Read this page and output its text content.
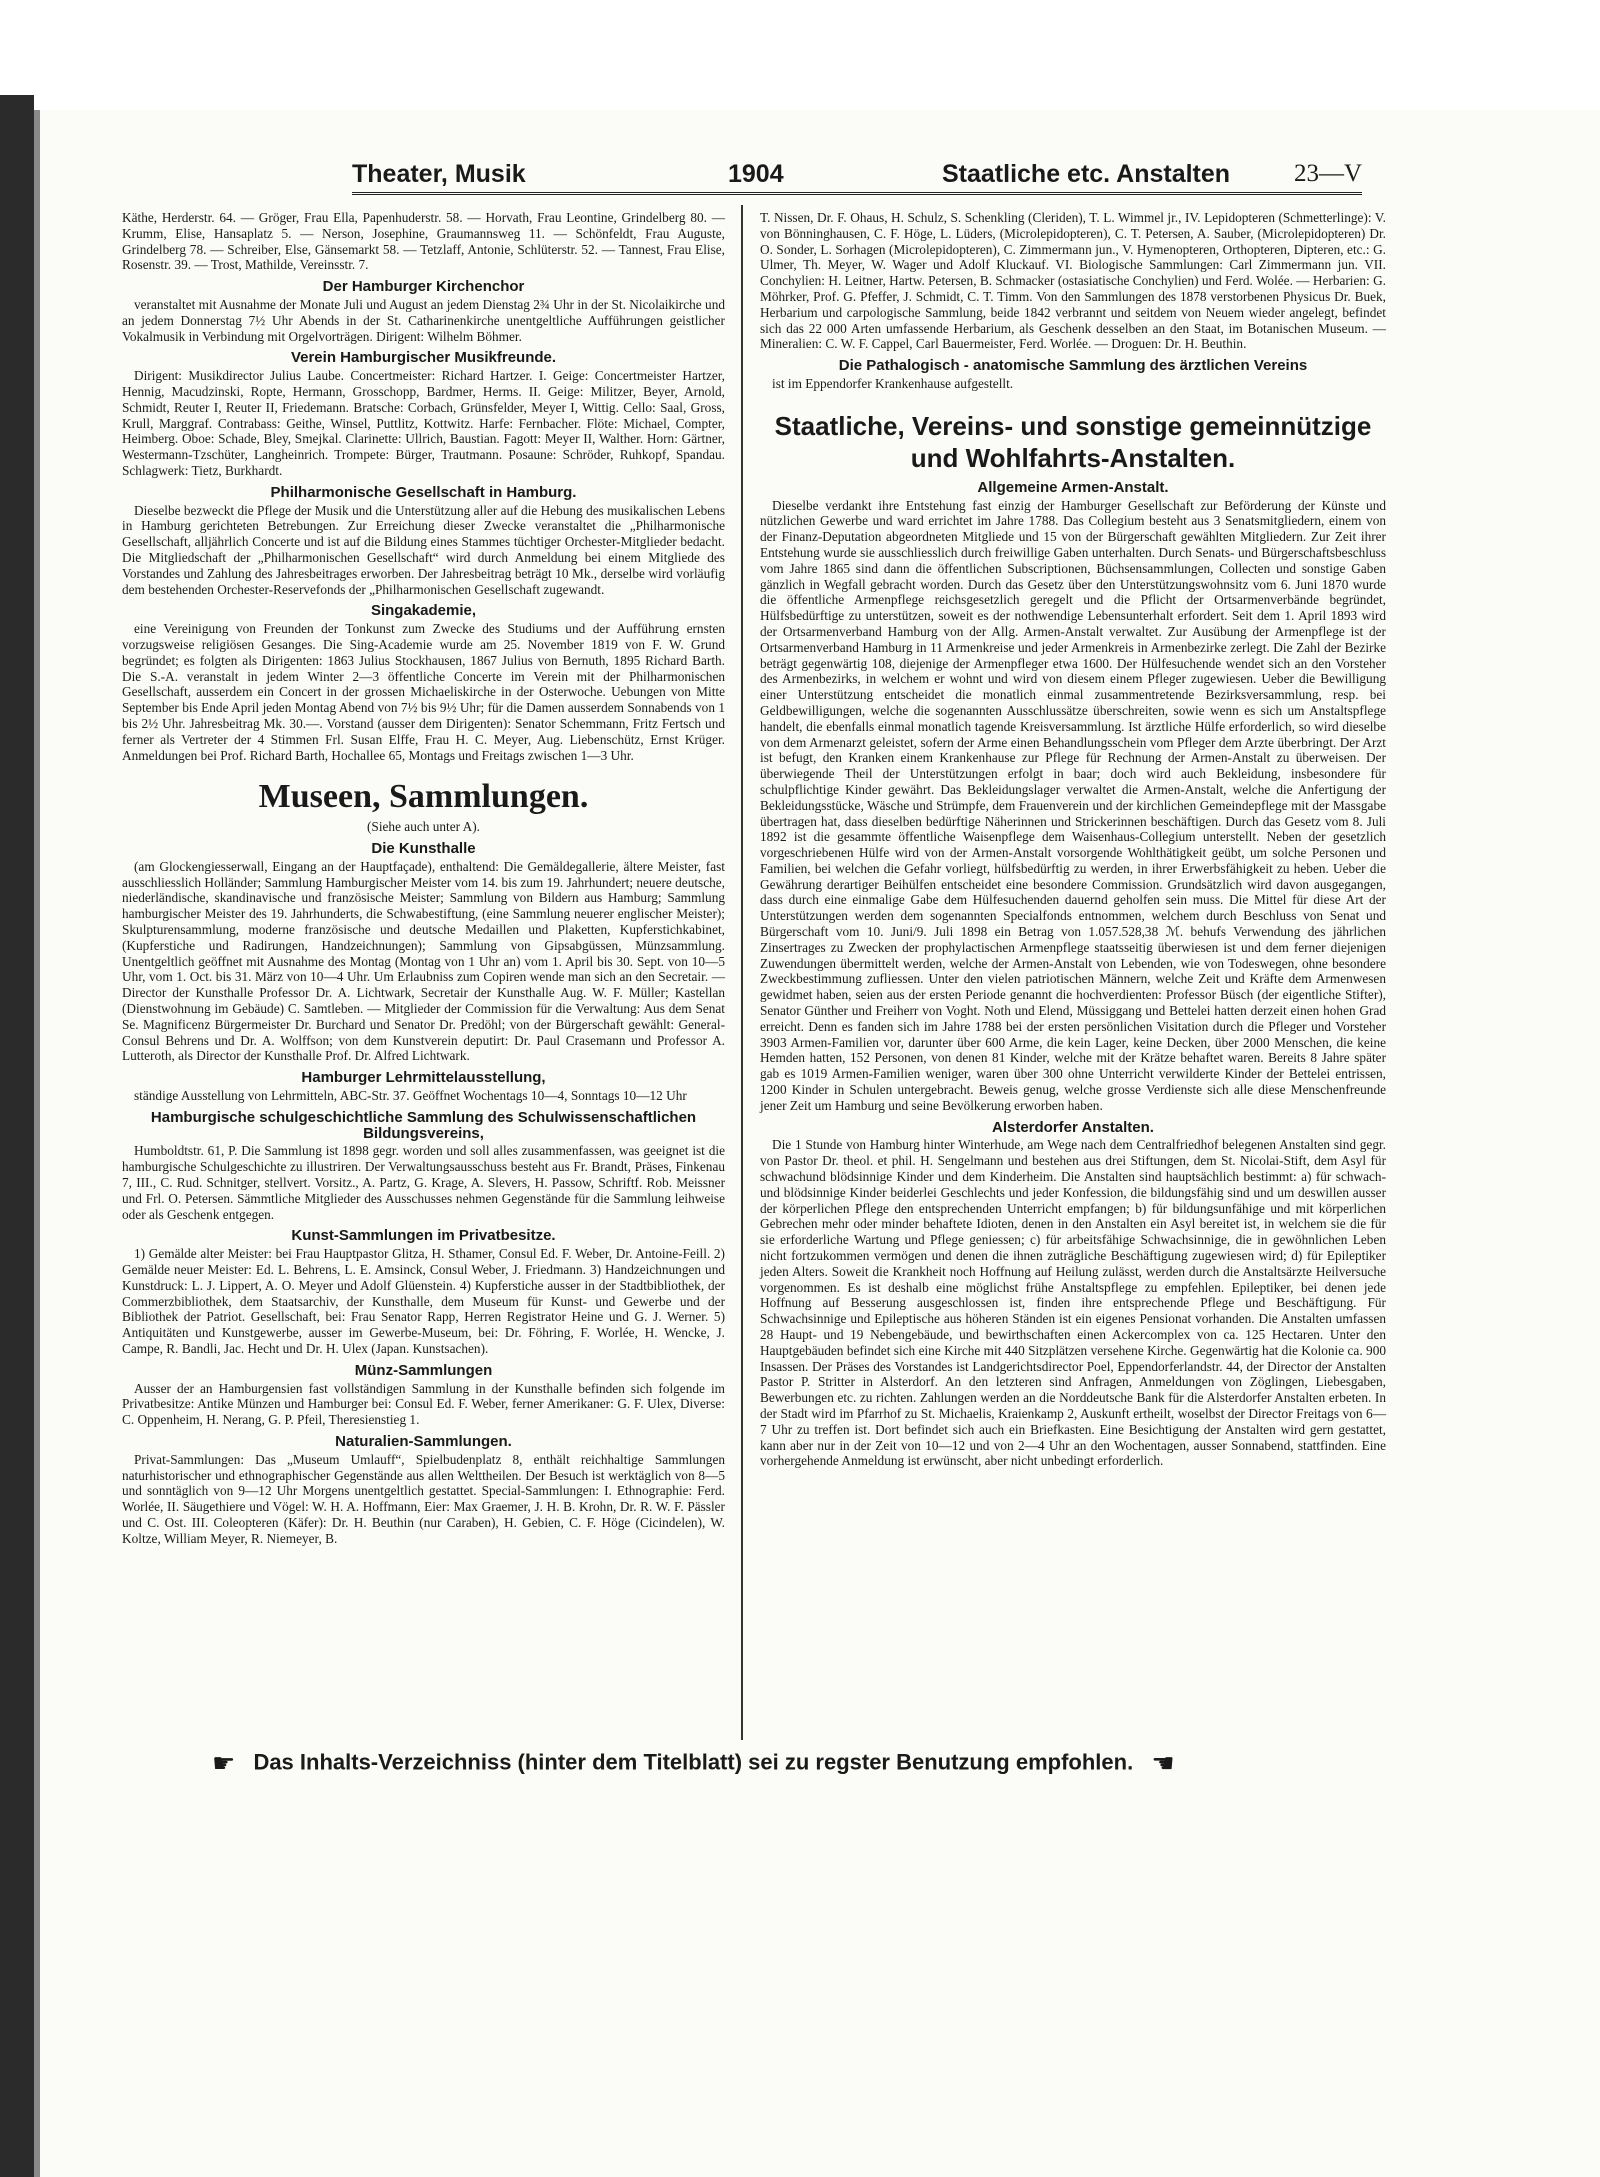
Theater, Musik	1904	Staatliche etc. Anstalten	23—V

Käthe, Herderstr. 64. — Gröger, Frau Ella, Papenhuderstr. 58. — Horvath, Frau Leontine, Grindelberg 80. — Krumm, Elise, Hansaplatz 5. — Nerson, Josephine, Graumannsweg 11. — Schönfeldt, Frau Auguste, Grindelberg 78. — Schreiber, Else, Gänsemarkt 58. — Tetzlaff, Antonie, Schlüterstr. 52. — Tannest, Frau Elise, Rosenstr. 39. — Trost, Mathilde, Vereinsstr. 7.

Der Hamburger Kirchenchor

veranstaltet mit Ausnahme der Monate Juli und August an jedem Dienstag 2¾ Uhr in der St. Nicolaikirche und an jedem Donnerstag 7½ Uhr Abends in der St. Catharinenkirche unentgeltliche Aufführungen geistlicher Vokalmusik in Verbindung mit Orgelvorträgen. Dirigent: Wilhelm Böhmer.

Verein Hamburgischer Musikfreunde.

Dirigent: Musikdirector Julius Laube. Concertmeister: Richard Hartzer. I. Geige: Concertmeister Hartzer, Hennig, Macudzinski, Ropte, Hermann, Grosschopp, Bardmer, Herms. II. Geige: Militzer, Beyer, Arnold, Schmidt, Reuter I, Reuter II, Friedemann. Bratsche: Corbach, Grünsfelder, Meyer I, Wittig. Cello: Saal, Gross, Krull, Marggraf. Contrabass: Geithe, Winsel, Puttlitz, Kottwitz. Harfe: Fernbacher. Flöte: Michael, Compter, Heimberg. Oboe: Schade, Bley, Smejkal. Clarinette: Ullrich, Baustian. Fagott: Meyer II, Walther. Horn: Gärtner, Westermann-Tzschüter, Langheinrich. Trompete: Bürger, Trautmann. Posaune: Schröder, Ruhkopf, Spandau. Schlagwerk: Tietz, Burkhardt.

Philharmonische Gesellschaft in Hamburg.

Dieselbe bezweckt die Pflege der Musik und die Unterstützung aller auf die Hebung des musikalischen Lebens in Hamburg gerichteten Betrebungen. Zur Erreichung dieser Zwecke veranstaltet die „Philharmonische Gesellschaft, alljährlich Concerte und ist auf die Bildung eines Stammes tüchtiger Orchester-Mitglieder bedacht. Die Mitgliedschaft der „Philharmonischen Gesellschaft“ wird durch Anmeldung bei einem Mitgliede des Vorstandes und Zahlung des Jahresbeitrages erworben. Der Jahresbeitrag beträgt 10 Mk., derselbe wird vorläufig dem bestehenden Orchester-Reservefonds der „Philharmonischen Gesellschaft zugewandt.

Singakademie,

eine Vereinigung von Freunden der Tonkunst zum Zwecke des Studiums und der Aufführung ernsten vorzugsweise religiösen Gesanges. Die Sing-Academie wurde am 25. November 1819 von F. W. Grund begründet; es folgten als Dirigenten: 1863 Julius Stockhausen, 1867 Julius von Bernuth, 1895 Richard Barth. Die S.-A. veranstalt in jedem Winter 2—3 öffentliche Concerte im Verein mit der Philharmonischen Gesellschaft, ausserdem ein Concert in der grossen Michaeliskirche in der Osterwoche. Uebungen von Mitte September bis Ende April jeden Montag Abend von 7½ bis 9½ Uhr; für die Damen ausserdem Sonnabends von 1 bis 2½ Uhr. Jahresbeitrag Mk. 30.—. Vorstand (ausser dem Dirigenten): Senator Schemmann, Fritz Fertsch und ferner als Vertreter der 4 Stimmen Frl. Susan Elffe, Frau H. C. Meyer, Aug. Liebenschütz, Ernst Krüger. Anmeldungen bei Prof. Richard Barth, Hochallee 65, Montags und Freitags zwischen 1—3 Uhr.

Museen, Sammlungen.

(Siehe auch unter A).

Die Kunsthalle

(am Glockengiesserwall, Eingang an der Hauptfaçade), enthaltend: Die Gemäldegallerie, ältere Meister, fast ausschliesslich Holländer; Sammlung Hamburgischer Meister vom 14. bis zum 19. Jahrhundert; neuere deutsche, niederländische, skandinavische und französische Meister; Sammlung von Bildern aus Hamburg; Sammlung hamburgischer Meister des 19. Jahrhunderts, die Schwabestiftung, (eine Sammlung neuerer englischer Meister); Skulpturensammlung, moderne französische und deutsche Medaillen und Plaketten, Kupferstichkabinet, (Kupferstiche und Radirungen, Handzeichnungen); Sammlung von Gipsabgüssen, Münzsammlung. Unentgeltlich geöffnet mit Ausnahme des Montag (Montag von 1 Uhr an) vom 1. April bis 30. Sept. von 10—5 Uhr, vom 1. Oct. bis 31. März von 10—4 Uhr. Um Erlaubniss zum Copiren wende man sich an den Secretair. — Director der Kunsthalle Professor Dr. A. Lichtwark, Secretair der Kunsthalle Aug. W. F. Müller; Kastellan (Dienstwohnung im Gebäude) C. Samtleben. — Mitglieder der Commission für die Verwaltung: Aus dem Senat Se. Magnificenz Bürgermeister Dr. Burchard und Senator Dr. Predöhl; von der Bürgerschaft gewählt: General-Consul Behrens und Dr. A. Wolffson; von dem Kunstverein deputirt: Dr. Paul Crasemann und Professor A. Lutteroth, als Director der Kunsthalle Prof. Dr. Alfred Lichtwark.

Hamburger Lehrmittelausstellung,

ständige Ausstellung von Lehrmitteln, ABC-Str. 37. Geöffnet Wochentags 10—4, Sonntags 10—12 Uhr

Hamburgische schulgeschichtliche Sammlung des Schulwissenschaftlichen Bildungsvereins,

Humboldtstr. 61, P. Die Sammlung ist 1898 gegr. worden und soll alles zusammenfassen, was geeignet ist die hamburgische Schulgeschichte zu illustriren. Der Verwaltungsausschuss besteht aus Fr. Brandt, Präses, Finkenau 7, III., C. Rud. Schnitger, stellvert. Vorsitz., A. Partz, G. Krage, A. Slevers, H. Passow, Schriftf. Rob. Meissner und Frl. O. Petersen. Sämmtliche Mitglieder des Ausschusses nehmen Gegenstände für die Sammlung leihweise oder als Geschenk entgegen.

Kunst-Sammlungen im Privatbesitze.

1) Gemälde alter Meister: bei Frau Hauptpastor Glitza, H. Sthamer, Consul Ed. F. Weber, Dr. Antoine-Feill. 2) Gemälde neuer Meister: Ed. L. Behrens, L. E. Amsinck, Consul Weber, J. Friedmann. 3) Handzeichnungen und Kunstdruck: L. J. Lippert, A. O. Meyer und Adolf Glüenstein. 4) Kupferstiche ausser in der Stadtbibliothek, der Commerzbibliothek, dem Staatsarchiv, der Kunsthalle, dem Museum für Kunst- und Gewerbe und der Bibliothek der Patriot. Gesellschaft, bei: Frau Senator Rapp, Herren Registrator Heine und G. J. Werner. 5) Antiquitäten und Kunstgewerbe, ausser im Gewerbe-Museum, bei: Dr. Föhring, F. Worlée, H. Wencke, J. Campe, R. Bandli, Jac. Hecht und Dr. H. Ulex (Japan. Kunstsachen).

Münz-Sammlungen

Ausser der an Hamburgensien fast vollständigen Sammlung in der Kunsthalle befinden sich folgende im Privatbesitze: Antike Münzen und Hamburger bei: Consul Ed. F. Weber, ferner Amerikaner: G. F. Ulex, Diverse: C. Oppenheim, H. Nerang, G. P. Pfeil, Theresienstieg 1.

Naturalien-Sammlungen.

Privat-Sammlungen: Das „Museum Umlauff“, Spielbudenplatz 8, enthält reichhaltige Sammlungen naturhistorischer und ethnographischer Gegenstände aus allen Welttheilen. Der Besuch ist werktäglich von 8—5 und sonntäglich von 9—12 Uhr Morgens unentgeltlich gestattet. Special-Sammlungen: I. Ethnographie: Ferd. Worlée, II. Säugethiere und Vögel: W. H. A. Hoffmann, Eier: Max Graemer, J. H. B. Krohn, Dr. R. W. F. Pässler und C. Ost. III. Coleopteren (Käfer): Dr. H. Beuthin (nur Caraben), H. Gebien, C. F. Höge (Cicindelen), W. Koltze, William Meyer, R. Niemeyer, B.

T. Nissen, Dr. F. Ohaus, H. Schulz, S. Schenkling (Cleriden), T. L. Wimmel jr., IV. Lepidopteren (Schmetterlinge): V. von Bönninghausen, C. F. Höge, L. Lüders, (Microlepidopteren), C. T. Petersen, A. Sauber, (Microlepidopteren) Dr. O. Sonder, L. Sorhagen (Microlepidopteren), C. Zimmermann jun., V. Hymenopteren, Orthopteren, Dipteren, etc.: G. Ulmer, Th. Meyer, W. Wager und Adolf Kluckauf. VI. Biologische Sammlungen: Carl Zimmermann jun. VII. Conchylien: H. Leitner, Hartw. Petersen, B. Schmacker (ostasiatische Conchylien) und Ferd. Wolée. — Herbarien: G. Möhrker, Prof. G. Pfeffer, J. Schmidt, C. T. Timm. Von den Sammlungen des 1878 verstorbenen Physicus Dr. Buek, Herbarium und carpologische Sammlung, beide 1842 verbrannt und seitdem von Neuem wieder angelegt, befindet sich das 22 000 Arten umfassende Herbarium, als Geschenk desselben an den Staat, im Botanischen Museum. — Mineralien: C. W. F. Cappel, Carl Bauermeister, Ferd. Worlée. — Droguen: Dr. H. Beuthin.

Die Pathalogisch - anatomische Sammlung des ärztlichen Vereins

ist im Eppendorfer Krankenhause aufgestellt.

Staatliche, Vereins- und sonstige gemeinnützige und Wohlfahrts-Anstalten.
Allgemeine Armen-Anstalt.

Dieselbe verdankt ihre Entstehung fast einzig der Hamburger Gesellschaft zur Beförderung der Künste und nützlichen Gewerbe und ward errichtet im Jahre 1788. Das Collegium besteht aus 3 Senatsmitgliedern, einem von der Finanz-Deputation abgeordneten Mitgliede und 15 von der Bürgerschaft gewählten Mitgliedern. Zur Zeit ihrer Entstehung wurde sie ausschliesslich durch freiwillige Gaben unterhalten. Durch Senats- und Bürgerschaftsbeschluss vom Jahre 1865 sind dann die öffentlichen Subscriptionen, Büchsensammlungen, Collecten und sonstige Gaben gänzlich in Wegfall gebracht worden. Durch das Gesetz über den Unterstützungswohnsitz vom 6. Juni 1870 wurde die öffentliche Armenpflege reichsgesetzlich geregelt und die Pflicht der Ortsarmenverbände begründet, Hülfsbedürftige zu unterstützen, soweit es der nothwendige Lebensunterhalt erfordert. Seit dem 1. April 1893 wird der Ortsarmenverband Hamburg von der Allg. Armen-Anstalt verwaltet. Zur Ausübung der Armenpflege ist der Ortsarmenverband Hamburg in 11 Armenkreise und jeder Armenkreis in Armenbezirke zerlegt. Die Zahl der Bezirke beträgt gegenwärtig 108, diejenige der Armenpfleger etwa 1600. Der Hülfesuchende wendet sich an den Vorsteher des Armenbezirks, in welchem er wohnt und wird von diesem einem Pfleger zugewiesen. Ueber die Bewilligung einer Unterstützung entscheidet die monatlich einmal zusammentretende Bezirksversammlung, resp. bei Geldbewilligungen, welche die sogenannten Ausschlussätze überschreiten, sowie wenn es sich um Anstaltspflege handelt, die ebenfalls einmal monatlich tagende Kreisversammlung. Ist ärztliche Hülfe erforderlich, so wird dieselbe von dem Armenarzt geleistet, sofern der Arme einen Behandlungsschein vom Pfleger dem Arzte überbringt. Der Arzt ist befugt, den Kranken einem Krankenhause zur Pflege für Rechnung der Armen-Anstalt zu überweisen. Der überwiegende Theil der Unterstützungen erfolgt in baar; doch wird auch Bekleidung, insbesondere für schulpflichtige Kinder gewährt. Das Bekleidungslager verwaltet die Armen-Anstalt, welche die Anfertigung der Bekleidungsstücke, Wäsche und Strümpfe, dem Frauenverein und der kirchlichen Gemeindepflege mit der Massgabe übertragen hat, dass dieselben bedürftige Näherinnen und Strickerinnen beschäftigen. Durch das Gesetz vom 8. Juli 1892 ist die gesammte öffentliche Waisenpflege dem Waisenhaus-Collegium unterstellt. Neben der gesetzlich vorgeschriebenen Hülfe wird von der Armen-Anstalt vorsorgende Wohlthätigkeit geübt, um solche Personen und Familien, bei welchen die Gefahr vorliegt, hülfsbedürftig zu werden, in ihrer Erwerbsfähigkeit zu heben. Ueber die Gewährung derartiger Beihülfen entscheidet eine besondere Commission. Grundsätzlich wird davon ausgegangen, dass durch eine einmalige Gabe dem Hülfesuchenden dauernd geholfen sein muss. Die Mittel für diese Art der Unterstützungen werden dem sogenannten Specialfonds entnommen, welchem durch Beschluss von Senat und Bürgerschaft vom 10. Juni/9. Juli 1898 ein Betrag von 1.057.528,38 ℳ. behufs Verwendung des jährlichen Zinsertrages zu Zwecken der prophylactischen Armenpflege staatsseitig überwiesen ist und dem ferner diejenigen Zuwendungen übermittelt werden, welche der Armen-Anstalt von Lebenden, wie von Todeswegen, ohne besondere Zweckbestimmung zufliessen. Unter den vielen patriotischen Männern, welche Zeit und Kräfte dem Armenwesen gewidmet haben, seien aus der ersten Periode genannt die hochverdienten: Professor Büsch (der eigentliche Stifter), Senator Günther und Freiherr von Voght. Noth und Elend, Müssiggang und Bettelei hatten derzeit einen hohen Grad erreicht. Denn es fanden sich im Jahre 1788 bei der ersten persönlichen Visitation durch die Pfleger und Vorsteher 3903 Armen-Familien vor, darunter über 600 Arme, die kein Lager, keine Decken, über 2000 Menschen, die keine Hemden hatten, 152 Personen, von denen 81 Kinder, welche mit der Krätze behaftet waren. Bereits 8 Jahre später gab es 1019 Armen-Familien weniger, waren über 300 ohne Unterricht verwilderte Kinder der Bettelei entrissen, 1200 Kinder in Schulen untergebracht. Beweis genug, welche grosse Verdienste sich alle diese Menschenfreunde jener Zeit um Hamburg und seine Bevölkerung erworben haben.

Alsterdorfer Anstalten.

Die 1 Stunde von Hamburg hinter Winterhude, am Wege nach dem Centralfriedhof belegenen Anstalten sind gegr. von Pastor Dr. theol. et phil. H. Sengelmann und bestehen aus drei Stiftungen, dem St. Nicolai-Stift, dem Asyl für schwachund blödsinnige Kinder und dem Kinderheim. Die Anstalten sind hauptsächlich bestimmt: a) für schwach- und blödsinnige Kinder beiderlei Geschlechts und jeder Konfession, die bildungsfähig sind und um deswillen ausser der körperlichen Pflege den entsprechenden Unterricht empfangen; b) für bildungsunfähige und mit körperlichen Gebrechen mehr oder minder behaftete Idioten, denen in den Anstalten ein Asyl bereitet ist, in welchem sie die für sie erforderliche Wartung und Pflege geniessen; c) für arbeitsfähige Schwachsinnige, die in gewöhnlichen Leben nicht fortzukommen vermögen und denen die ihnen zuträgliche Beschäftigung zugewiesen wird; d) für Epileptiker jeden Alters. Soweit die Krankheit noch Hoffnung auf Heilung zulässt, werden durch die Anstaltsärzte Heilversuche vorgenommen. Es ist deshalb eine möglichst frühe Anstaltspflege zu empfehlen. Epileptiker, bei denen jede Hoffnung auf Besserung ausgeschlossen ist, finden ihre entsprechende Pflege und Beschäftigung. Für Schwachsinnige und Epileptische aus höheren Ständen ist ein eigenes Pensionat vorhanden. Die Anstalten umfassen 28 Haupt- und 19 Nebengebäude, und bewirthschaften einen Ackercomplex von ca. 125 Hectaren. Unter den Hauptgebäuden befindet sich eine Kirche mit 440 Sitzplätzen versehene Kirche. Gegenwärtig hat die Kolonie ca. 900 Insassen. Der Präses des Vorstandes ist Landgerichtsdirector Poel, Eppendorferlandstr. 44, der Director der Anstalten Pastor P. Stritter in Alsterdorf. An den letzteren sind Anfragen, Anmeldungen von Zöglingen, Liebesgaben, Bewerbungen etc. zu richten. Zahlungen werden an die Norddeutsche Bank für die Alsterdorfer Anstalten erbeten. In der Stadt wird im Pfarrhof zu St. Michaelis, Kraienkamp 2, Auskunft ertheilt, woselbst der Director Freitags von 6—7 Uhr zu treffen ist. Dort befindet sich auch ein Briefkasten. Eine Besichtigung der Anstalten wird gern gestattet, kann aber nur in der Zeit von 10—12 und von 2—4 Uhr an den Wochentagen, ausser Sonnabend, stattfinden. Eine vorhergehende Anmeldung ist erwünscht, aber nicht unbedingt erforderlich.

☛ Das Inhalts-Verzeichniss (hinter dem Titelblatt) sei zu regster Benutzung empfohlen. ☚
